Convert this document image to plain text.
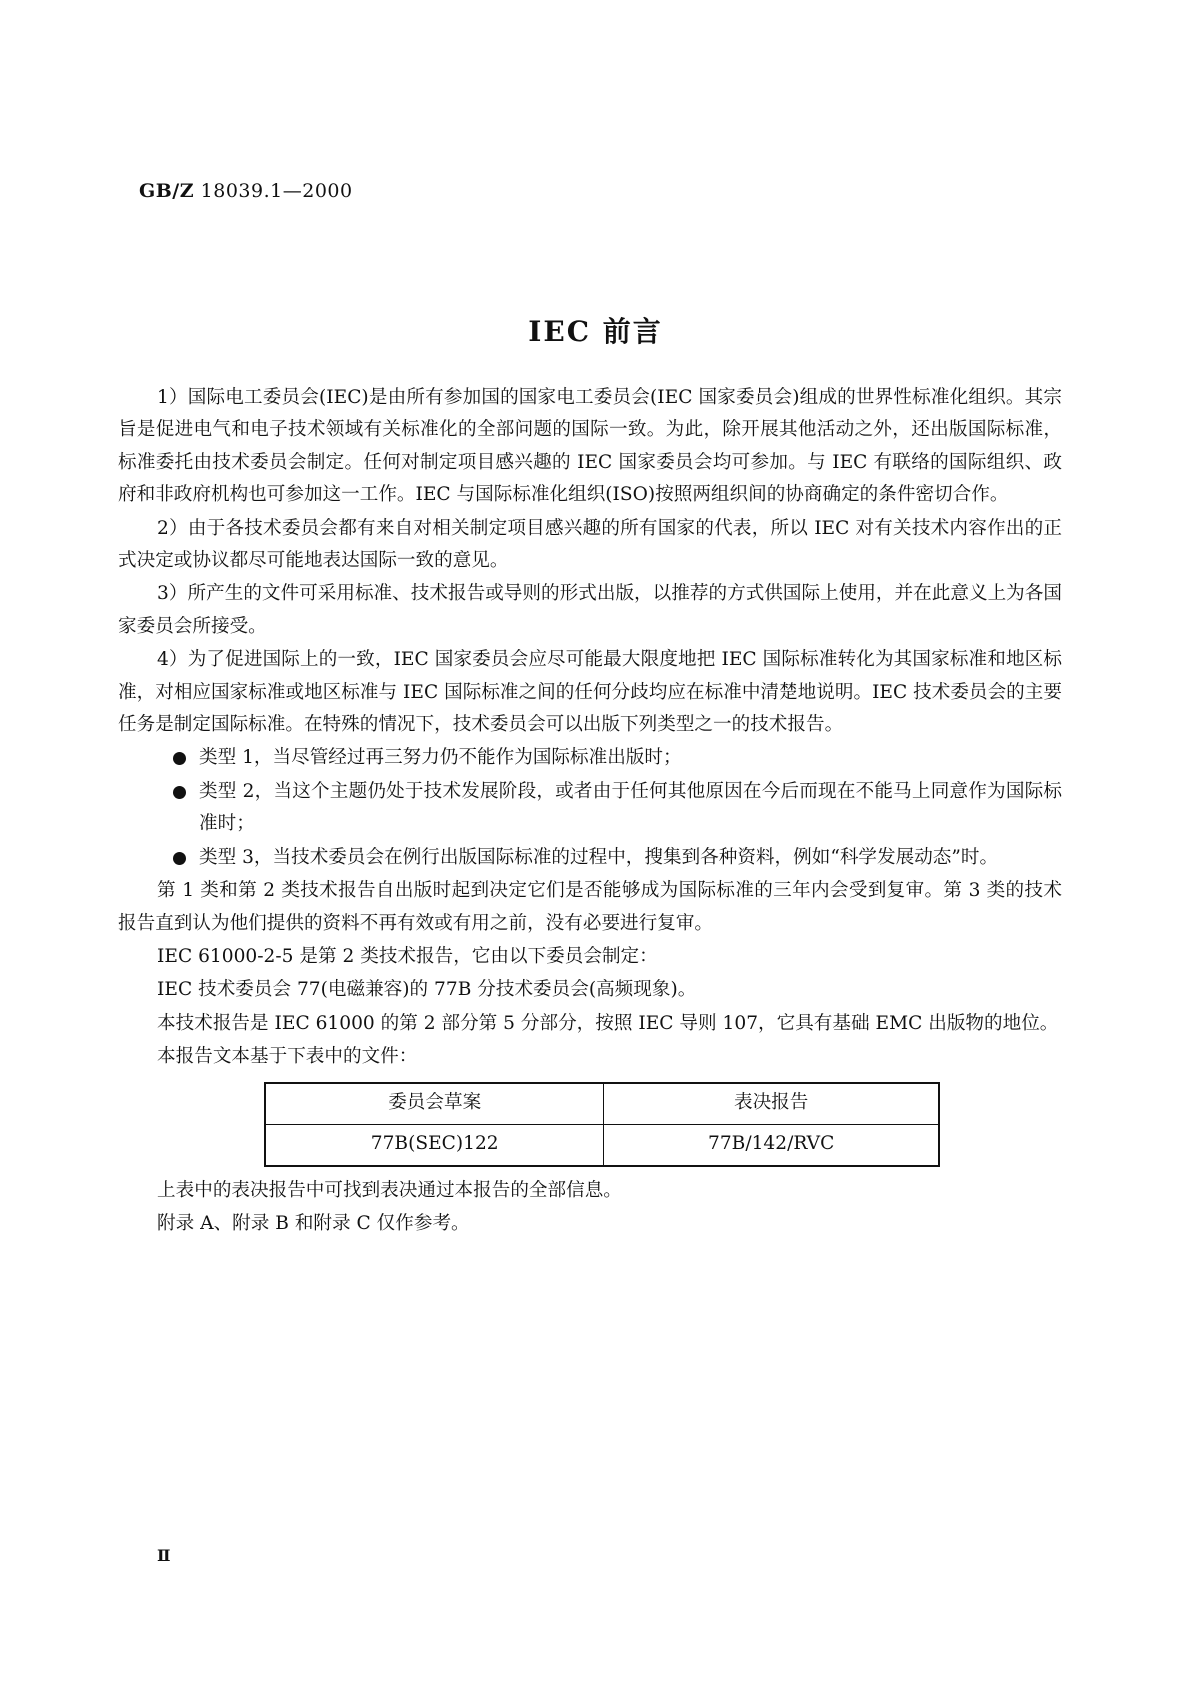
GB/Z 18039.1—2000
IEC 前言

1）国际电工委员会(IEC)是由所有参加国的国家电工委员会(IEC 国家委员会)组成的世界性标准化组织。其宗旨是促进电气和电子技术领域有关标准化的全部问题的国际一致。为此，除开展其他活动之外，还出版国际标准，标准委托由技术委员会制定。任何对制定项目感兴趣的 IEC 国家委员会均可参加。与 IEC 有联络的国际组织、政府和非政府机构也可参加这一工作。IEC 与国际标准化组织(ISO)按照两组织间的协商确定的条件密切合作。

2）由于各技术委员会都有来自对相关制定项目感兴趣的所有国家的代表，所以 IEC 对有关技术内容作出的正式决定或协议都尽可能地表达国际一致的意见。

3）所产生的文件可采用标准、技术报告或导则的形式出版，以推荐的方式供国际上使用，并在此意义上为各国家委员会所接受。

4）为了促进国际上的一致，IEC 国家委员会应尽可能最大限度地把 IEC 国际标准转化为其国家标准和地区标准，对相应国家标准或地区标准与 IEC 国际标准之间的任何分歧均应在标准中清楚地说明。IEC 技术委员会的主要任务是制定国际标准。在特殊的情况下，技术委员会可以出版下列类型之一的技术报告。

类型 1，当尽管经过再三努力仍不能作为国际标准出版时；
类型 2，当这个主题仍处于技术发展阶段，或者由于任何其他原因在今后而现在不能马上同意作为国际标准时；
类型 3，当技术委员会在例行出版国际标准的过程中，搜集到各种资料，例如“科学发展动态”时。

第 1 类和第 2 类技术报告自出版时起到决定它们是否能够成为国际标准的三年内会受到复审。第 3 类的技术报告直到认为他们提供的资料不再有效或有用之前，没有必要进行复审。

IEC 61000-2-5 是第 2 类技术报告，它由以下委员会制定：

IEC 技术委员会 77(电磁兼容)的 77B 分技术委员会(高频现象)。

本技术报告是 IEC 61000 的第 2 部分第 5 分部分，按照 IEC 导则 107，它具有基础 EMC 出版物的地位。

本报告文本基于下表中的文件：

委员会草案	表决报告
77B(SEC)122	77B/142/RVC

上表中的表决报告中可找到表决通过本报告的全部信息。

附录 A、附录 B 和附录 C 仅作参考。

Ⅱ
